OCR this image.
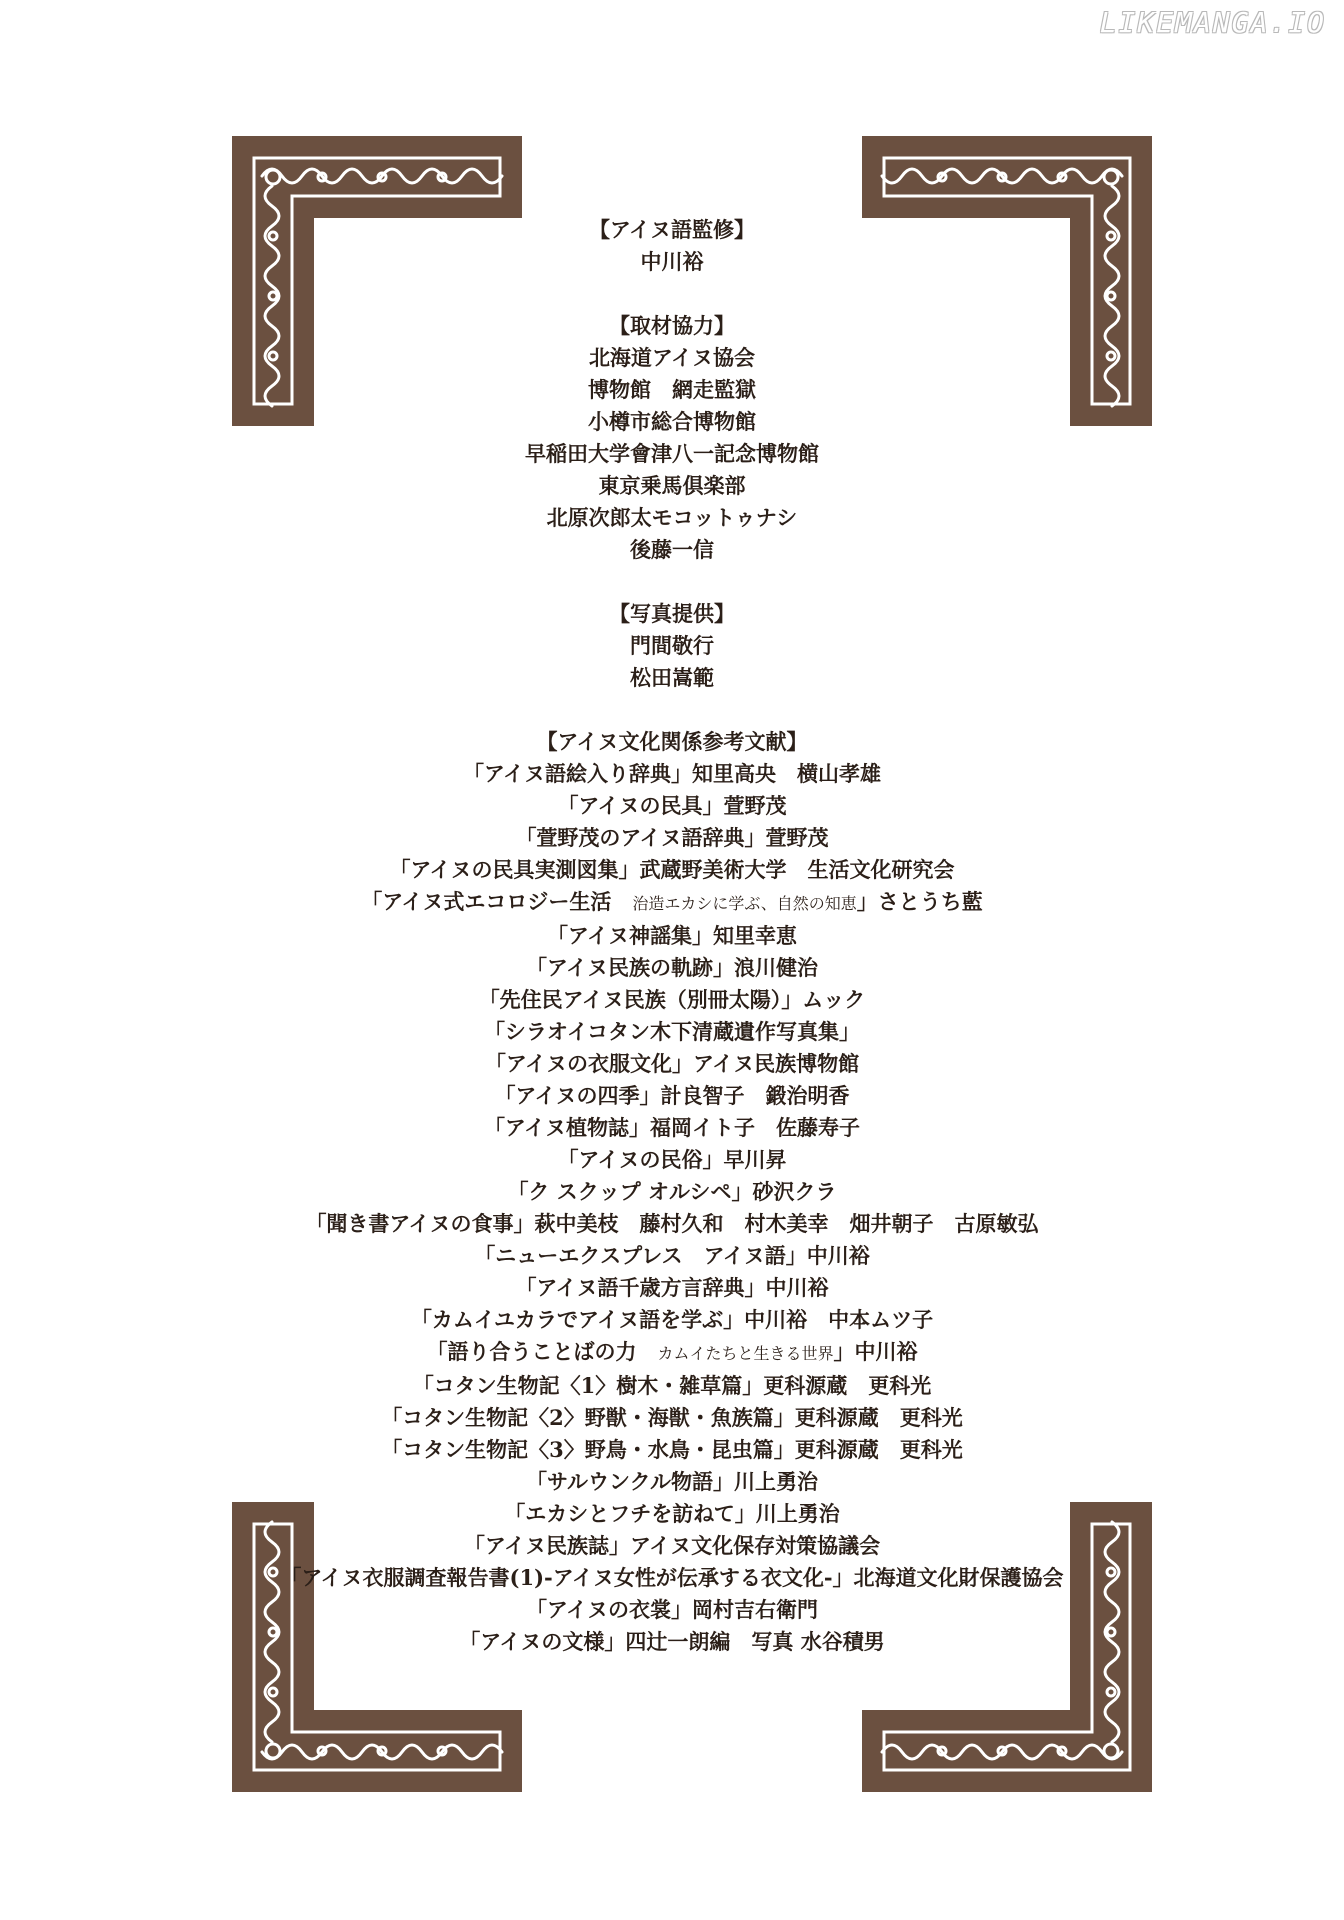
LIKEMANGA.IO
【アイヌ語監修】
中川裕
【取材協力】
北海道アイヌ協会
博物館　網走監獄
小樽市総合博物館
早稲田大学會津八一記念博物館
東京乗馬倶楽部
北原次郎太モコットゥナシ
後藤一信
【写真提供】
門間敬行
松田嵩範
【アイヌ文化関係参考文献】
「アイヌ語絵入り辞典」知里高央　横山孝雄
「アイヌの民具」萱野茂
「萱野茂のアイヌ語辞典」萱野茂
「アイヌの民具実測図集」武蔵野美術大学　生活文化研究会
「アイヌ式エコロジー生活　 治造エカシに学ぶ、自然の知恵」さとうち藍
「アイヌ神謡集」知里幸恵
「アイヌ民族の軌跡」浪川健治
「先住民アイヌ民族（別冊太陽）」ムック
「シラオイコタン木下清蔵遺作写真集」
「アイヌの衣服文化」アイヌ民族博物館
「アイヌの四季」計良智子　鍛治明香
「アイヌ植物誌」福岡イト子　佐藤寿子
「アイヌの民俗」早川昇
「ク スクップ オルシペ」砂沢クラ
「聞き書アイヌの食事」萩中美枝　藤村久和　村木美幸　畑井朝子　古原敏弘
「ニューエクスプレス　アイヌ語」中川裕
「アイヌ語千歳方言辞典」中川裕
「カムイユカラでアイヌ語を学ぶ」中川裕　中本ムツ子
「語り合うことばの力　 カムイたちと生きる世界」中川裕
「コタン生物記〈1〉樹木・雑草篇」更科源蔵　更科光
「コタン生物記〈2〉野獣・海獣・魚族篇」更科源蔵　更科光
「コタン生物記〈3〉野鳥・水鳥・昆虫篇」更科源蔵　更科光
「サルウンクル物語」川上勇治
「エカシとフチを訪ねて」川上勇治
「アイヌ民族誌」アイヌ文化保存対策協議会
「アイヌ衣服調査報告書(1)-アイヌ女性が伝承する衣文化-」北海道文化財保護協会
「アイヌの衣裳」岡村吉右衛門
「アイヌの文様」四辻一朗編　写真 水谷積男
